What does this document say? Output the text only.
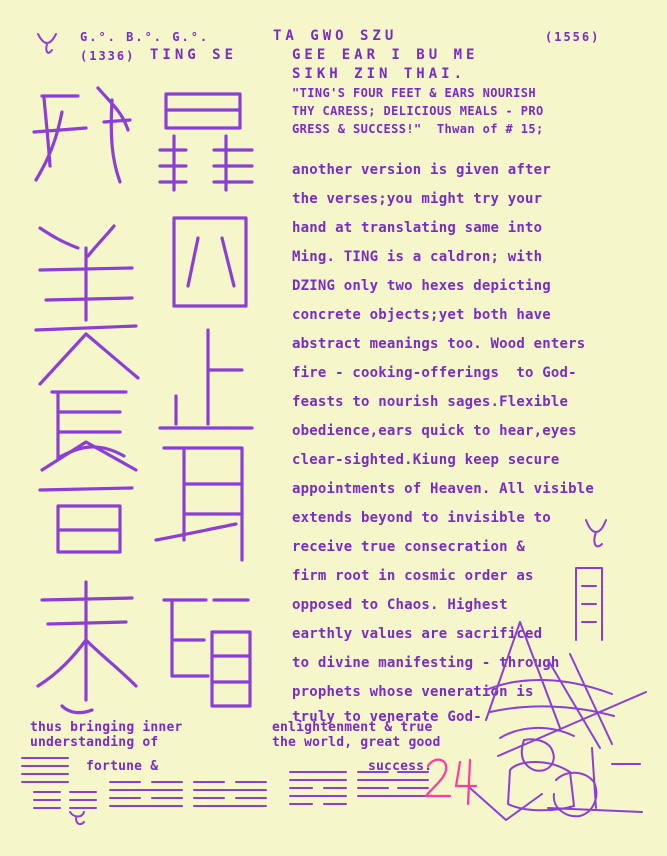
G.°. B.°. G.°.	TA GWO SZU	(1556)
(1336) TING SE	GEE EAR I BU ME
SIKH ZIN THAI.
"TING'S FOUR FEET & EARS NOURISH
THY CARESS; DELICIOUS MEALS - PRO
GRESS & SUCCESS!"  Thwan of # 15;
another version is given after
the verses;you might try your
hand at translating same into
Ming. TING is a caldron; with
DZING only two hexes depicting
concrete objects;yet both have
abstract meanings too. Wood enters
fire - cooking-offerings  to God-
feasts to nourish sages.Flexible
obedience,ears quick to hear,eyes
clear-sighted.Kiung keep secure
appointments of Heaven. All visible
extends beyond to invisible to
receive true consecration &
firm root in cosmic order as
opposed to Chaos. Highest
earthly values are sacrificed
to divine manifesting - through
prophets whose veneration is
truly to venerate God-
thus bringing inner
understanding of
fortune &
enlightenment & true
the world, great good
success.
